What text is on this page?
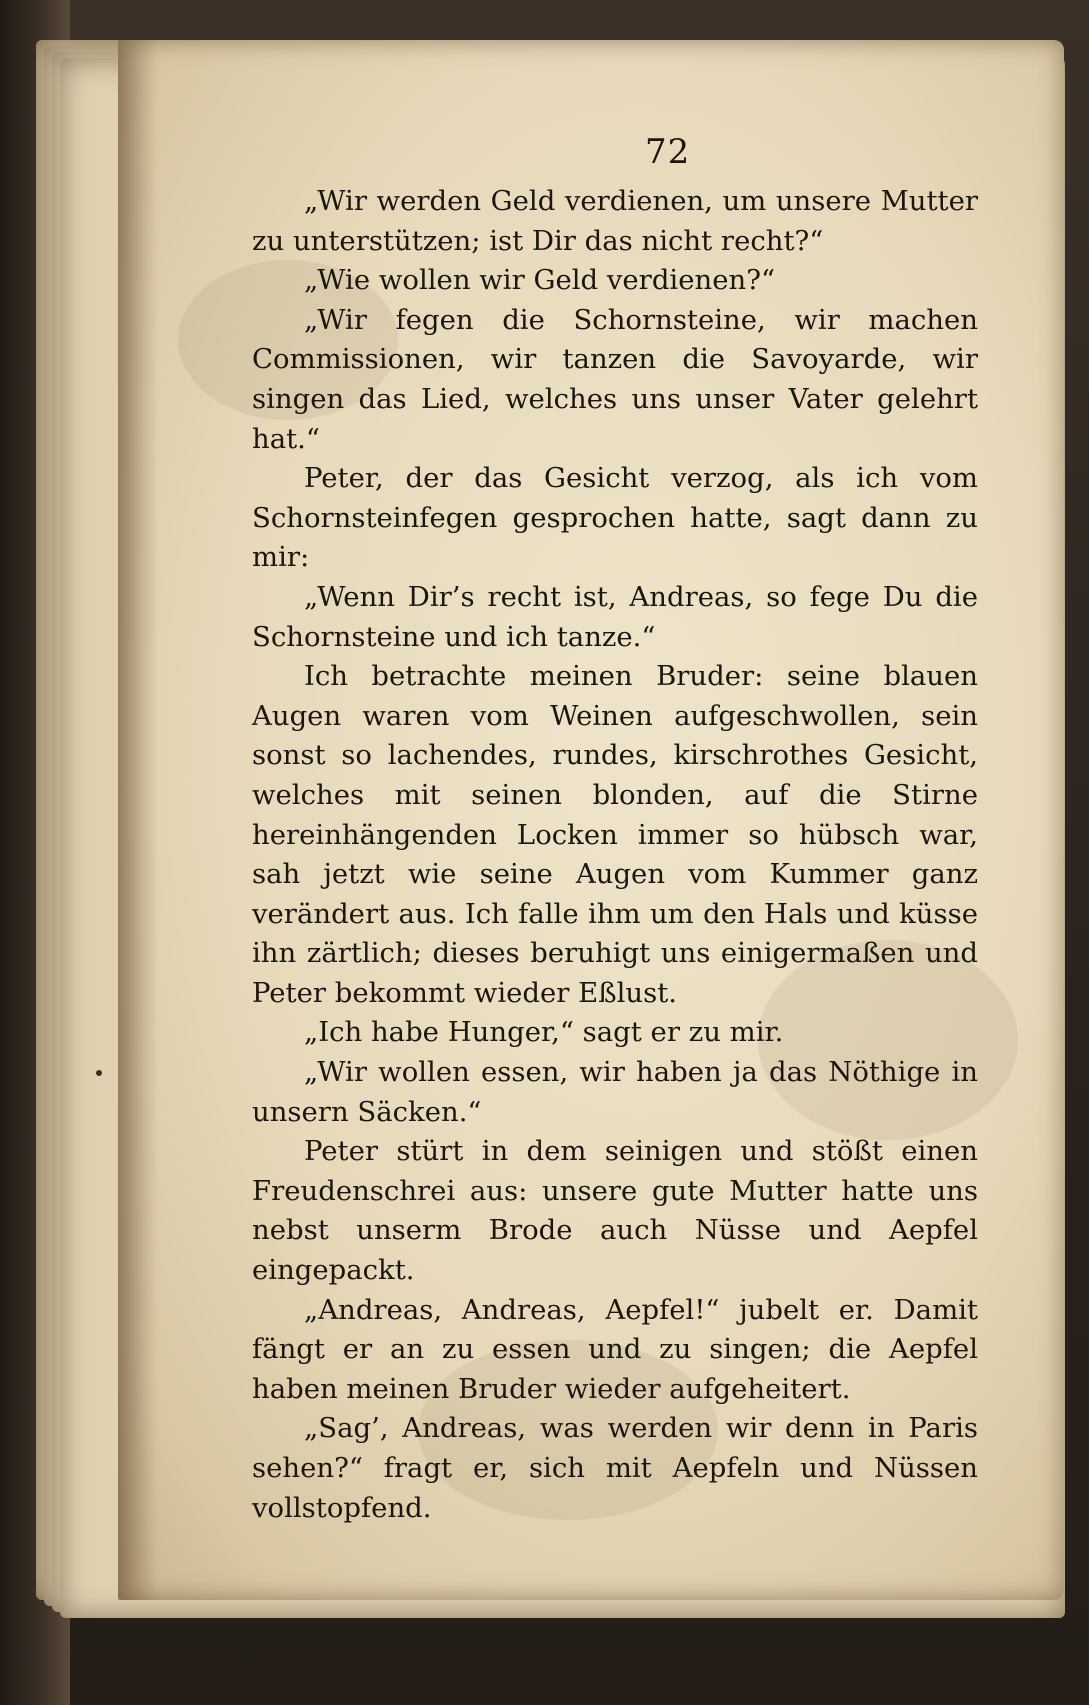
72

„Wir werden Geld verdienen, um unsere Mutter zu unterstützen; ist Dir das nicht recht?“

„Wie wollen wir Geld verdienen?“

„Wir fegen die Schornsteine, wir machen Commissionen, wir tanzen die Savoyarde, wir singen das Lied, welches uns unser Vater gelehrt hat.“

Peter, der das Gesicht verzog, als ich vom Schornsteinfegen gesprochen hatte, sagt dann zu mir:

„Wenn Dir’s recht ist, Andreas, so fege Du die Schornsteine und ich tanze.“

Ich betrachte meinen Bruder: seine blauen Augen waren vom Weinen aufgeschwollen, sein sonst so lachendes, rundes, kirschrothes Gesicht, welches mit seinen blonden, auf die Stirne hereinhängenden Locken immer so hübsch war, sah jetzt wie seine Augen vom Kummer ganz verändert aus. Ich falle ihm um den Hals und küsse ihn zärtlich; dieses beruhigt uns einigermaßen und Peter bekommt wieder Eßlust.

„Ich habe Hunger,“ sagt er zu mir.

„Wir wollen essen, wir haben ja das Nöthige in unsern Säcken.“

Peter stürt in dem seinigen und stößt einen Freudenschrei aus: unsere gute Mutter hatte uns nebst unserm Brode auch Nüsse und Aepfel eingepackt.

„Andreas, Andreas, Aepfel!“ jubelt er. Damit fängt er an zu essen und zu singen; die Aepfel haben meinen Bruder wieder aufgeheitert.

„Sag’, Andreas, was werden wir denn in Paris sehen?“ fragt er, sich mit Aepfeln und Nüssen vollstopfend.
